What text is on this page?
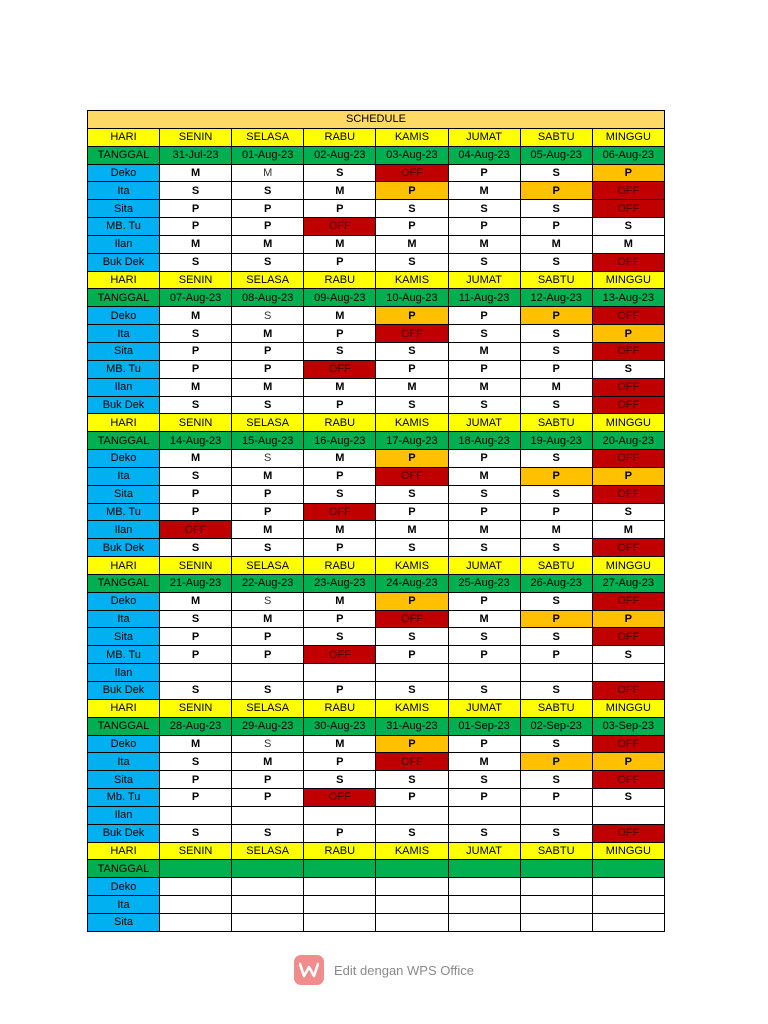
SCHEDULE							
HARI	SENIN	SELASA	RABU	KAMIS	JUMAT	SABTU	MINGGU
TANGGAL	31-Jul-23	01-Aug-23	02-Aug-23	03-Aug-23	04-Aug-23	05-Aug-23	06-Aug-23
Deko	M	M	S	OFF	P	S	P
Ita	S	S	M	P	M	P	OFF
Sita	P	P	P	S	S	S	OFF
MB. Tu	P	P	OFF	P	P	P	S
Ilan	M	M	M	M	M	M	M
Buk Dek	S	S	P	S	S	S	OFF
HARI	SENIN	SELASA	RABU	KAMIS	JUMAT	SABTU	MINGGU
TANGGAL	07-Aug-23	08-Aug-23	09-Aug-23	10-Aug-23	11-Aug-23	12-Aug-23	13-Aug-23
Deko	M	S	M	P	P	P	OFF
Ita	S	M	P	OFF	S	S	P
Sita	P	P	S	S	M	S	OFF
MB. Tu	P	P	OFF	P	P	P	S
Ilan	M	M	M	M	M	M	OFF
Buk Dek	S	S	P	S	S	S	OFF
HARI	SENIN	SELASA	RABU	KAMIS	JUMAT	SABTU	MINGGU
TANGGAL	14-Aug-23	15-Aug-23	16-Aug-23	17-Aug-23	18-Aug-23	19-Aug-23	20-Aug-23
Deko	M	S	M	P	P	S	OFF
Ita	S	M	P	OFF	M	P	P
Sita	P	P	S	S	S	S	OFF
MB. Tu	P	P	OFF	P	P	P	S
Ilan	OFF	M	M	M	M	M	M
Buk Dek	S	S	P	S	S	S	OFF
HARI	SENIN	SELASA	RABU	KAMIS	JUMAT	SABTU	MINGGU
TANGGAL	21-Aug-23	22-Aug-23	23-Aug-23	24-Aug-23	25-Aug-23	26-Aug-23	27-Aug-23
Deko	M	S	M	P	P	S	OFF
Ita	S	M	P	OFF	M	P	P
Sita	P	P	S	S	S	S	OFF
MB. Tu	P	P	OFF	P	P	P	S
Ilan							
Buk Dek	S	S	P	S	S	S	OFF
HARI	SENIN	SELASA	RABU	KAMIS	JUMAT	SABTU	MINGGU
TANGGAL	28-Aug-23	29-Aug-23	30-Aug-23	31-Aug-23	01-Sep-23	02-Sep-23	03-Sep-23
Deko	M	S	M	P	P	S	OFF
Ita	S	M	P	OFF	M	P	P
Sita	P	P	S	S	S	S	OFF
Mb. Tu	P	P	OFF	P	P	P	S
Ilan							
Buk Dek	S	S	P	S	S	S	OFF
HARI	SENIN	SELASA	RABU	KAMIS	JUMAT	SABTU	MINGGU
TANGGAL							
Deko							
Ita							
Sita							
Edit dengan WPS Office
